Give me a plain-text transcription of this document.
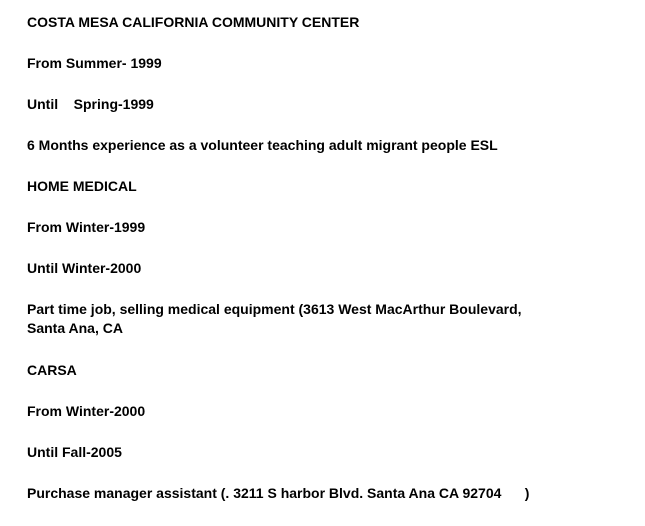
COSTA MESA CALIFORNIA COMMUNITY CENTER

From Summer- 1999

Until    Spring-1999

6 Months experience as a volunteer teaching adult migrant people ESL

HOME MEDICAL

From Winter-1999

Until Winter-2000

Part time job, selling medical equipment (3613 West MacArthur Boulevard,

Santa Ana, CA

CARSA

From Winter-2000

Until Fall-2005

Purchase manager assistant (. 3211 S harbor Blvd. Santa Ana CA 92704      )
